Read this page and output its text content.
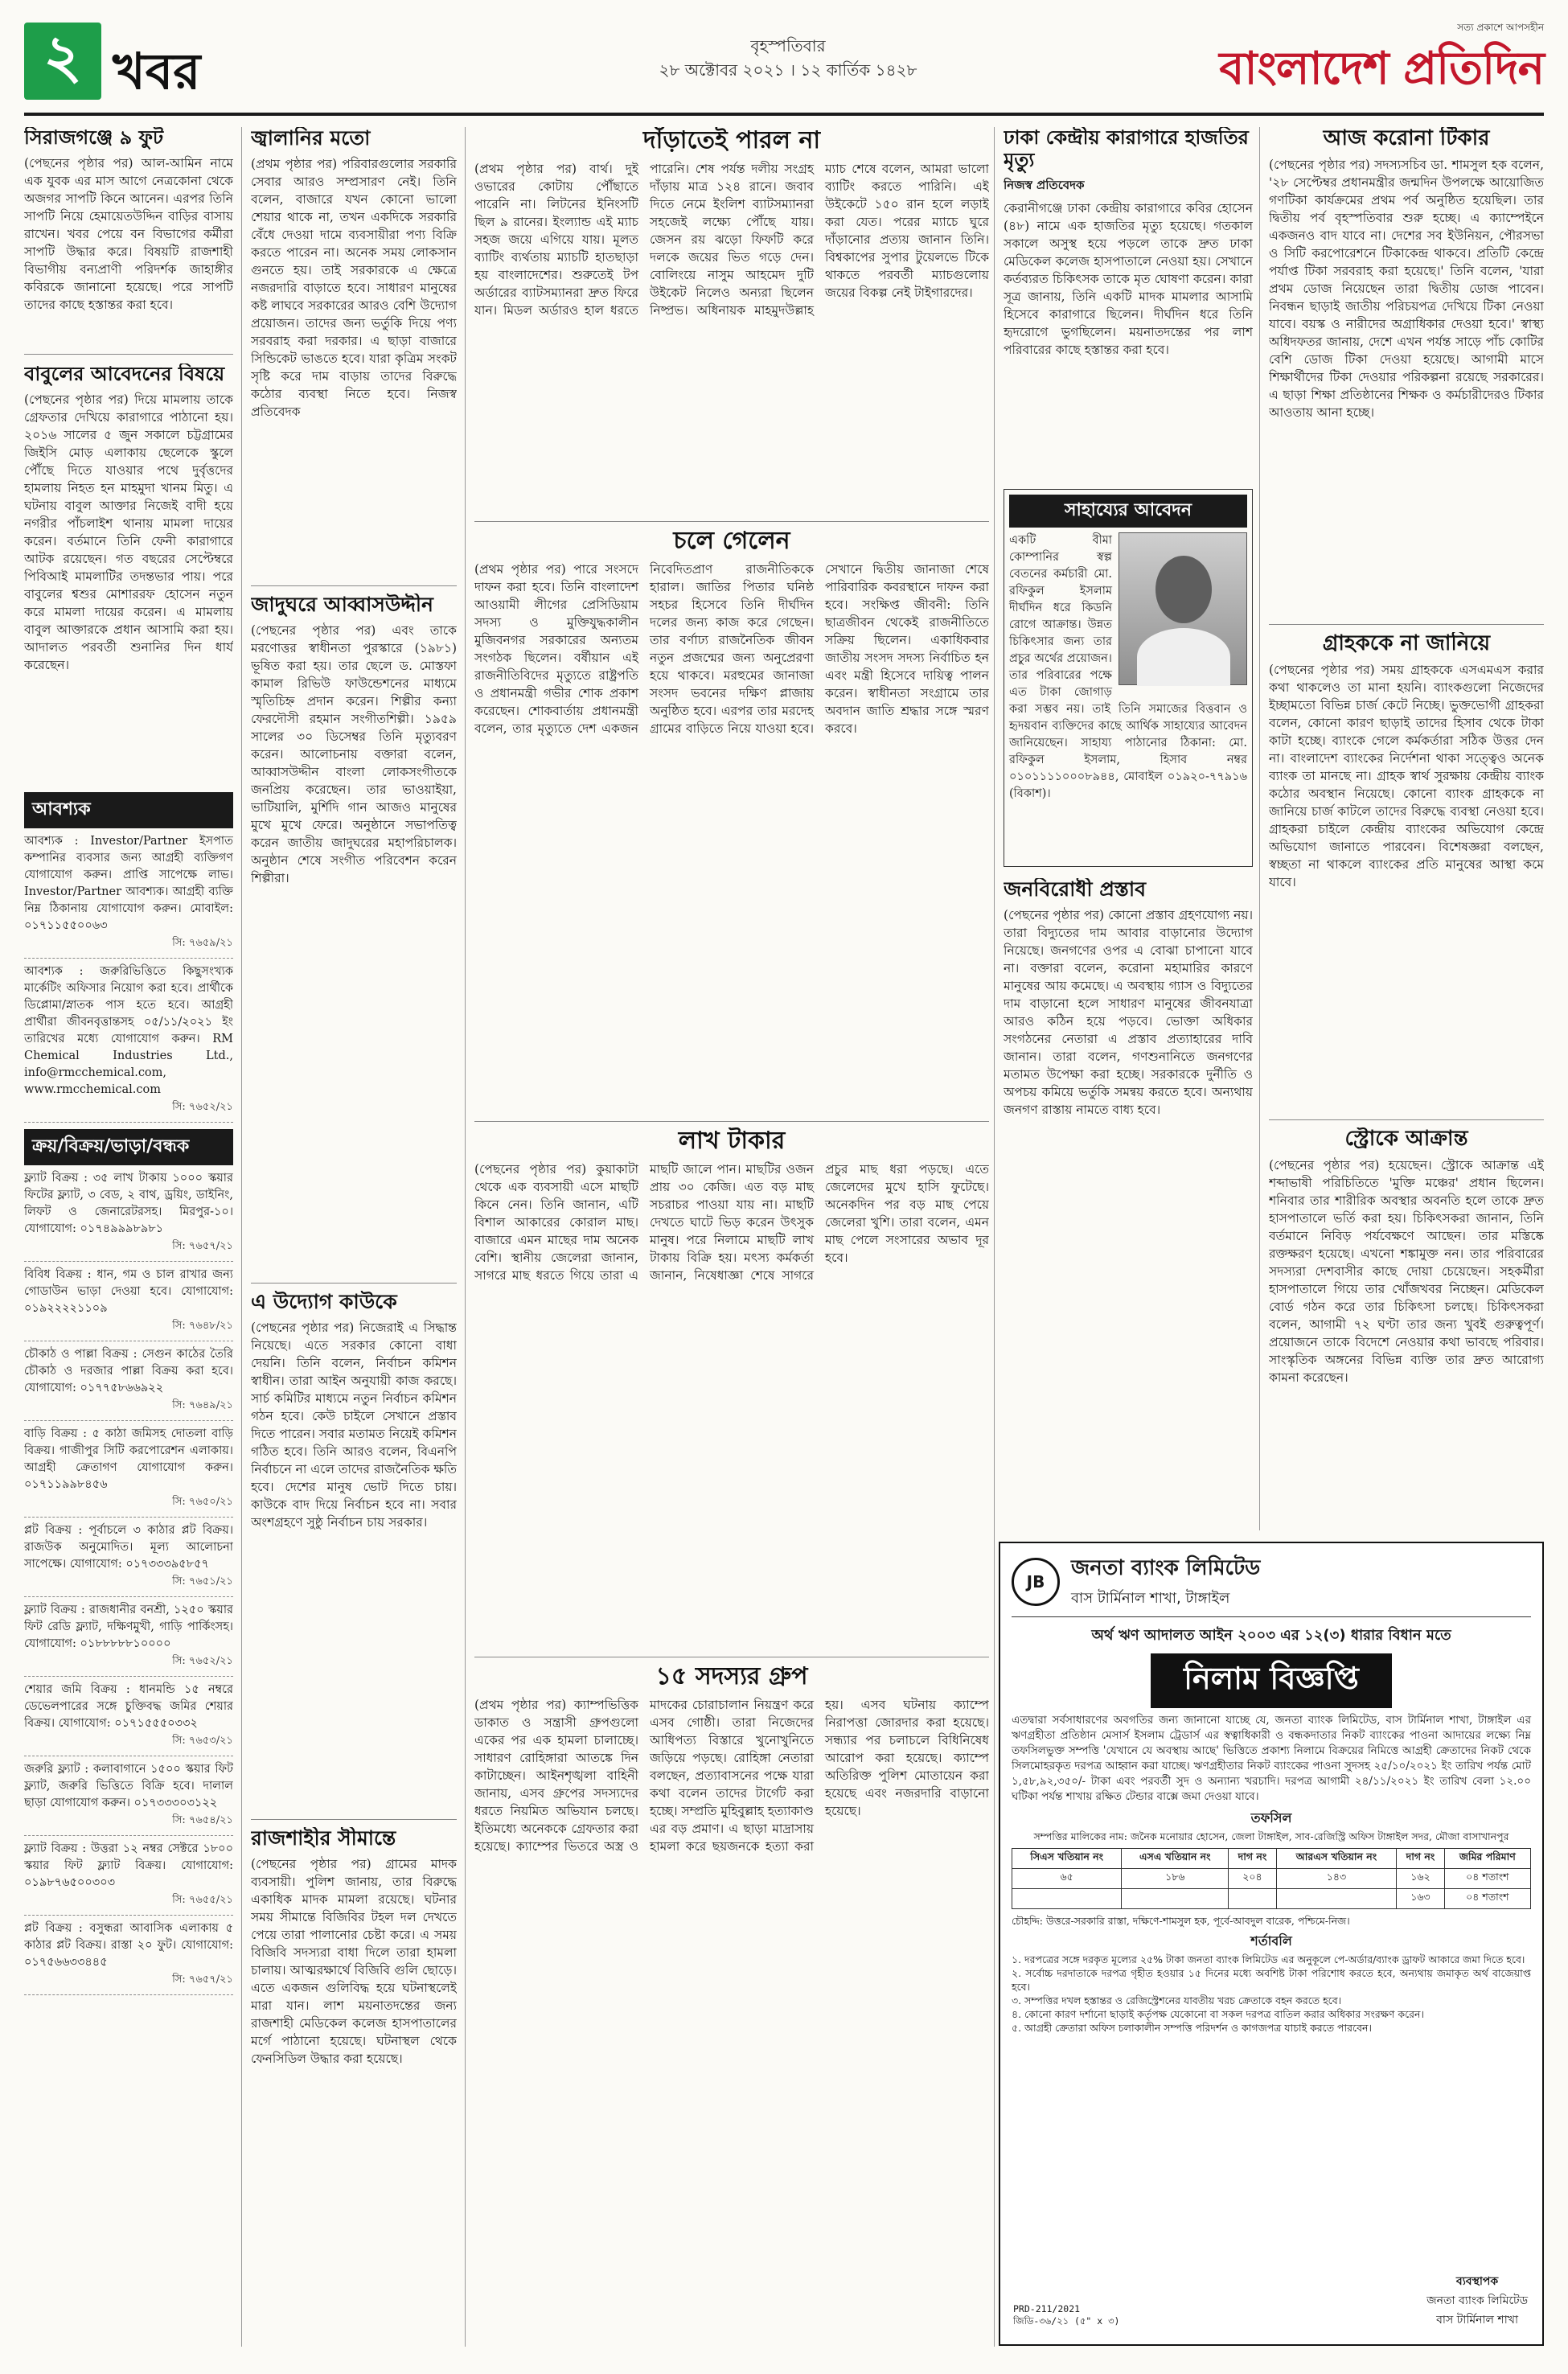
২ খবর	বৃহস্পতিবার
২৮ অক্টোবর ২০২১ । ১২ কার্তিক ১৪২৮
সত্য প্রকাশে আপসহীন
বাংলাদেশ প্রতিদিন
সিরাজগঞ্জে ৯ ফুট
(পেছনের পৃষ্ঠার পর) আল-আমিন নামে এক যুবক এর মাস আগে নেত্রকোনা থেকে অজগর সাপটি কিনে আনেন। এরপর তিনি সাপটি নিয়ে হেমায়েতউদ্দিন বাড়ির বাসায় রাখেন। খবর পেয়ে বন বিভাগের কর্মীরা সাপটি উদ্ধার করে। বিষয়টি রাজশাহী বিভাগীয় বন্যপ্রাণী পরিদর্শক জাহাঙ্গীর কবিরকে জানানো হয়েছে। পরে সাপটি তাদের কাছে হস্তান্তর করা হবে।
বাবুলের আবেদনের বিষয়ে
(পেছনের পৃষ্ঠার পর) দিয়ে মামলায় তাকে গ্রেফতার দেখিয়ে কারাগারে পাঠানো হয়। ২০১৬ সালের ৫ জুন সকালে চট্টগ্রামের জিইসি মোড় এলাকায় ছেলেকে স্কুলে পৌঁছে দিতে যাওয়ার পথে দুর্বৃত্তদের হামলায় নিহত হন মাহমুদা খানম মিতু। এ ঘটনায় বাবুল আক্তার নিজেই বাদী হয়ে নগরীর পাঁচলাইশ থানায় মামলা দায়ের করেন। বর্তমানে তিনি ফেনী কারাগারে আটক রয়েছেন। গত বছরের সেপ্টেম্বরে পিবিআই মামলাটির তদন্তভার পায়। পরে বাবুলের শ্বশুর মোশাররফ হোসেন নতুন করে মামলা দায়ের করেন। এ মামলায় বাবুল আক্তারকে প্রধান আসামি করা হয়। আদালত পরবর্তী শুনানির দিন ধার্য করেছেন।
আবশ্যক
আবশ্যক : Investor/Partner ইসপাত কম্পানির ব্যবসার জন্য আগ্রহী ব্যক্তিগণ যোগাযোগ করুন। প্রাপ্তি সাপেক্ষে লাভ। Investor/Partner আবশ্যক। আগ্রহী ব্যক্তি নিম্ন ঠিকানায় যোগাযোগ করুন। মোবাইল: ০১৭১১৫৫০০৬৩
সি: ৭৬৫৯/২১
আবশ্যক : জরুরিভিত্তিতে কিছুসংখ্যক মার্কেটিং অফিসার নিয়োগ করা হবে। প্রার্থীকে ডিপ্লোমা/স্নাতক পাস হতে হবে। আগ্রহী প্রার্থীরা জীবনবৃত্তান্তসহ ০৫/১১/২০২১ ইং তারিখের মধ্যে যোগাযোগ করুন। RM Chemical Industries Ltd., info@rmcchemical.com, www.rmcchemical.com
সি: ৭৬৫২/২১
ক্রয়/বিক্রয়/ভাড়া/বন্ধক
ফ্ল্যাট বিক্রয় : ৩৫ লাখ টাকায় ১০০০ স্কয়ার ফিটের ফ্ল্যাট, ৩ বেড, ২ বাথ, ড্রয়িং, ডাইনিং, লিফট ও জেনারেটরসহ। মিরপুর-১০। যোগাযোগ: ০১৭৪৯৯৯৮৯৮১
সি: ৭৬৫৭/২১
বিবিধ বিক্রয় : ধান, গম ও চাল রাখার জন্য গোডাউন ভাড়া দেওয়া হবে। যোগাযোগ: ০১৯২২২২১১০৯
সি: ৭৬৪৮/২১
চৌকাঠ ও পাল্লা বিক্রয় : সেগুন কাঠের তৈরি চৌকাঠ ও দরজার পাল্লা বিক্রয় করা হবে। যোগাযোগ: ০১৭৭৫৮৬৬৯২২
সি: ৭৬৪৯/২১
বাড়ি বিক্রয় : ৫ কাঠা জমিসহ দোতলা বাড়ি বিক্রয়। গাজীপুর সিটি করপোরেশন এলাকায়। আগ্রহী ক্রেতাগণ যোগাযোগ করুন। ০১৭১১৯৯৮৪৫৬
সি: ৭৬৫০/২১
প্লট বিক্রয় : পূর্বাচলে ৩ কাঠার প্লট বিক্রয়। রাজউক অনুমোদিত। মূল্য আলোচনা সাপেক্ষে। যোগাযোগ: ০১৭৩৩৩৯৫৮৫৭
সি: ৭৬৫১/২১
ফ্ল্যাট বিক্রয় : রাজধানীর বনশ্রী, ১২৫০ স্কয়ার ফিট রেডি ফ্ল্যাট, দক্ষিণমুখী, গাড়ি পার্কিংসহ। যোগাযোগ: ০১৮৮৮৮৮১০০০০
সি: ৭৬৫২/২১
শেয়ার জমি বিক্রয় : ধানমন্ডি ১৫ নম্বরে ডেভেলপারের সঙ্গে চুক্তিবদ্ধ জমির শেয়ার বিক্রয়। যোগাযোগ: ০১৭১৫৫৫০৩৩২
সি: ৭৬৫৩/২১
জরুরি ফ্ল্যাট : কলাবাগানে ১৫০০ স্কয়ার ফিট ফ্ল্যাট, জরুরি ভিত্তিতে বিক্রি হবে। দালাল ছাড়া যোগাযোগ করুন। ০১৭৩৩৩০৩১২২
সি: ৭৬৫৪/২১
ফ্ল্যাট বিক্রয় : উত্তরা ১২ নম্বর সেক্টরে ১৮০০ স্কয়ার ফিট ফ্ল্যাট বিক্রয়। যোগাযোগ: ০১৯৮৭৬৫০০৩০৩
সি: ৭৬৫৫/২১
প্লট বিক্রয় : বসুন্ধরা আবাসিক এলাকায় ৫ কাঠার প্লট বিক্রয়। রাস্তা ২০ ফুট। যোগাযোগ: ০১৭৫৬৬৩৩৪৪৫
সি: ৭৬৫৭/২১
জ্বালানির মতো
(প্রথম পৃষ্ঠার পর) পরিবারগুলোর সরকারি সেবার আরও সম্প্রসারণ নেই। তিনি বলেন, বাজারে যখন কোনো ভালো শেয়ার থাকে না, তখন একদিকে সরকারি বেঁধে দেওয়া দামে ব্যবসায়ীরা পণ্য বিক্রি করতে পারেন না। অনেক সময় লোকসান গুনতে হয়। তাই সরকারকে এ ক্ষেত্রে নজরদারি বাড়াতে হবে। সাধারণ মানুষের কষ্ট লাঘবে সরকারের আরও বেশি উদ্যোগ প্রয়োজন। তাদের জন্য ভর্তুকি দিয়ে পণ্য সরবরাহ করা দরকার। এ ছাড়া বাজারে সিন্ডিকেট ভাঙতে হবে। যারা কৃত্রিম সংকট সৃষ্টি করে দাম বাড়ায় তাদের বিরুদ্ধে কঠোর ব্যবস্থা নিতে হবে। নিজস্ব প্রতিবেদক
জাদুঘরে আব্বাসউদ্দীন
(পেছনের পৃষ্ঠার পর) এবং তাকে মরণোত্তর স্বাধীনতা পুরস্কারে (১৯৮১) ভূষিত করা হয়। তার ছেলে ড. মোস্তফা কামাল রিভিউ ফাউন্ডেশনের মাধ্যমে স্মৃতিচিহ্ন প্রদান করেন। শিল্পীর কন্যা ফেরদৌসী রহমান সংগীতশিল্পী। ১৯৫৯ সালের ৩০ ডিসেম্বর তিনি মৃত্যুবরণ করেন। আলোচনায় বক্তারা বলেন, আব্বাসউদ্দীন বাংলা লোকসংগীতকে জনপ্রিয় করেছেন। তার ভাওয়াইয়া, ভাটিয়ালি, মুর্শিদি গান আজও মানুষের মুখে মুখে ফেরে। অনুষ্ঠানে সভাপতিত্ব করেন জাতীয় জাদুঘরের মহাপরিচালক। অনুষ্ঠান শেষে সংগীত পরিবেশন করেন শিল্পীরা।
এ উদ্যোগ কাউকে
(পেছনের পৃষ্ঠার পর) নিজেরাই এ সিদ্ধান্ত নিয়েছে। এতে সরকার কোনো বাধা দেয়নি। তিনি বলেন, নির্বাচন কমিশন স্বাধীন। তারা আইন অনুযায়ী কাজ করছে। সার্চ কমিটির মাধ্যমে নতুন নির্বাচন কমিশন গঠন হবে। কেউ চাইলে সেখানে প্রস্তাব দিতে পারেন। সবার মতামত নিয়েই কমিশন গঠিত হবে। তিনি আরও বলেন, বিএনপি নির্বাচনে না এলে তাদের রাজনৈতিক ক্ষতি হবে। দেশের মানুষ ভোট দিতে চায়। কাউকে বাদ দিয়ে নির্বাচন হবে না। সবার অংশগ্রহণে সুষ্ঠু নির্বাচন চায় সরকার।
রাজশাহীর সীমান্তে
(পেছনের পৃষ্ঠার পর) গ্রামের মাদক ব্যবসায়ী। পুলিশ জানায়, তার বিরুদ্ধে একাধিক মাদক মামলা রয়েছে। ঘটনার সময় সীমান্তে বিজিবির টহল দল দেখতে পেয়ে তারা পালানোর চেষ্টা করে। এ সময় বিজিবি সদস্যরা বাধা দিলে তারা হামলা চালায়। আত্মরক্ষার্থে বিজিবি গুলি ছোড়ে। এতে একজন গুলিবিদ্ধ হয়ে ঘটনাস্থলেই মারা যান। লাশ ময়নাতদন্তের জন্য রাজশাহী মেডিকেল কলেজ হাসপাতালের মর্গে পাঠানো হয়েছে। ঘটনাস্থল থেকে ফেনসিডিল উদ্ধার করা হয়েছে।
দাঁড়াতেই পারল না
(প্রথম পৃষ্ঠার পর) বার্থ। দুই ওভারের কোটায় পৌঁছাতে পারেনি না। লিটনের ইনিংসটি ছিল ৯ রানের। ইংল্যান্ড এই ম্যাচ সহজ জয়ে এগিয়ে যায়। মূলত ব্যাটিং ব্যর্থতায় ম্যাচটি হাতছাড়া হয় বাংলাদেশের। শুরুতেই টপ অর্ডারের ব্যাটসম্যানরা দ্রুত ফিরে যান। মিডল অর্ডারও হাল ধরতে পারেনি। শেষ পর্যন্ত দলীয় সংগ্রহ দাঁড়ায় মাত্র ১২৪ রানে। জবাব দিতে নেমে ইংলিশ ব্যাটসম্যানরা সহজেই লক্ষ্যে পৌঁছে যায়। জেসন রয় ঝড়ো ফিফটি করে দলকে জয়ের ভিত গড়ে দেন। বোলিংয়ে নাসুম আহমেদ দুটি উইকেট নিলেও অন্যরা ছিলেন নিষ্প্রভ। অধিনায়ক মাহমুদউল্লাহ ম্যাচ শেষে বলেন, আমরা ভালো ব্যাটিং করতে পারিনি। এই উইকেটে ১৫০ রান হলে লড়াই করা যেত। পরের ম্যাচে ঘুরে দাঁড়ানোর প্রত্যয় জানান তিনি। বিশ্বকাপের সুপার টুয়েলভে টিকে থাকতে পরবর্তী ম্যাচগুলোয় জয়ের বিকল্প নেই টাইগারদের।
চলে গেলেন
(প্রথম পৃষ্ঠার পর) পারে সংসদে দাফন করা হবে। তিনি বাংলাদেশ আওয়ামী লীগের প্রেসিডিয়াম সদস্য ও মুক্তিযুদ্ধকালীন মুজিবনগর সরকারের অন্যতম সংগঠক ছিলেন। বর্ষীয়ান এই রাজনীতিবিদের মৃত্যুতে রাষ্ট্রপতি ও প্রধানমন্ত্রী গভীর শোক প্রকাশ করেছেন। শোকবার্তায় প্রধানমন্ত্রী বলেন, তার মৃত্যুতে দেশ একজন নিবেদিতপ্রাণ রাজনীতিককে হারাল। জাতির পিতার ঘনিষ্ঠ সহচর হিসেবে তিনি দীর্ঘদিন দলের জন্য কাজ করে গেছেন। তার বর্ণাঢ্য রাজনৈতিক জীবন নতুন প্রজন্মের জন্য অনুপ্রেরণা হয়ে থাকবে। মরহুমের জানাজা সংসদ ভবনের দক্ষিণ প্লাজায় অনুষ্ঠিত হবে। এরপর তার মরদেহ গ্রামের বাড়িতে নিয়ে যাওয়া হবে। সেখানে দ্বিতীয় জানাজা শেষে পারিবারিক কবরস্থানে দাফন করা হবে। সংক্ষিপ্ত জীবনী: তিনি ছাত্রজীবন থেকেই রাজনীতিতে সক্রিয় ছিলেন। একাধিকবার জাতীয় সংসদ সদস্য নির্বাচিত হন এবং মন্ত্রী হিসেবে দায়িত্ব পালন করেন। স্বাধীনতা সংগ্রামে তার অবদান জাতি শ্রদ্ধার সঙ্গে স্মরণ করবে।
লাখ টাকার
(পেছনের পৃষ্ঠার পর) কুয়াকাটা থেকে এক ব্যবসায়ী এসে মাছটি কিনে নেন। তিনি জানান, এটি বিশাল আকারের কোরাল মাছ। বাজারে এমন মাছের দাম অনেক বেশি। স্থানীয় জেলেরা জানান, সাগরে মাছ ধরতে গিয়ে তারা এ মাছটি জালে পান। মাছটির ওজন প্রায় ৩০ কেজি। এত বড় মাছ সচরাচর পাওয়া যায় না। মাছটি দেখতে ঘাটে ভিড় করেন উৎসুক মানুষ। পরে নিলামে মাছটি লাখ টাকায় বিক্রি হয়। মৎস্য কর্মকর্তা জানান, নিষেধাজ্ঞা শেষে সাগরে প্রচুর মাছ ধরা পড়ছে। এতে জেলেদের মুখে হাসি ফুটেছে। অনেকদিন পর বড় মাছ পেয়ে জেলেরা খুশি। তারা বলেন, এমন মাছ পেলে সংসারের অভাব দূর হবে।
১৫ সদস্যর গ্রুপ
(প্রথম পৃষ্ঠার পর) ক্যাম্পভিত্তিক ডাকাত ও সন্ত্রাসী গ্রুপগুলো একের পর এক হামলা চালাচ্ছে। সাধারণ রোহিঙ্গারা আতঙ্কে দিন কাটাচ্ছেন। আইনশৃঙ্খলা বাহিনী জানায়, এসব গ্রুপের সদস্যদের ধরতে নিয়মিত অভিযান চলছে। ইতিমধ্যে অনেককে গ্রেফতার করা হয়েছে। ক্যাম্পের ভিতরে অস্ত্র ও মাদকের চোরাচালান নিয়ন্ত্রণ করে এসব গোষ্ঠী। তারা নিজেদের আধিপত্য বিস্তারে খুনোখুনিতে জড়িয়ে পড়ছে। রোহিঙ্গা নেতারা বলছেন, প্রত্যাবাসনের পক্ষে যারা কথা বলেন তাদের টার্গেট করা হচ্ছে। সম্প্রতি মুহিবুল্লাহ হত্যাকাণ্ড এর বড় প্রমাণ। এ ছাড়া মাদ্রাসায় হামলা করে ছয়জনকে হত্যা করা হয়। এসব ঘটনায় ক্যাম্পে নিরাপত্তা জোরদার করা হয়েছে। সন্ধ্যার পর চলাচলে বিধিনিষেধ আরোপ করা হয়েছে। ক্যাম্পে অতিরিক্ত পুলিশ মোতায়েন করা হয়েছে এবং নজরদারি বাড়ানো হয়েছে।
ঢাকা কেন্দ্রীয় কারাগারে হাজতির মৃত্যু
নিজস্ব প্রতিবেদক
কেরানীগঞ্জে ঢাকা কেন্দ্রীয় কারাগারে কবির হোসেন (৪৮) নামে এক হাজতির মৃত্যু হয়েছে। গতকাল সকালে অসুস্থ হয়ে পড়লে তাকে দ্রুত ঢাকা মেডিকেল কলেজ হাসপাতালে নেওয়া হয়। সেখানে কর্তব্যরত চিকিৎসক তাকে মৃত ঘোষণা করেন। কারা সূত্র জানায়, তিনি একটি মাদক মামলার আসামি হিসেবে কারাগারে ছিলেন। দীর্ঘদিন ধরে তিনি হৃদরোগে ভুগছিলেন। ময়নাতদন্তের পর লাশ পরিবারের কাছে হস্তান্তর করা হবে।
সাহায্যের আবেদন
একটি বীমা কোম্পানির স্বল্প বেতনের কর্মচারী মো. রফিকুল ইসলাম দীর্ঘদিন ধরে কিডনি রোগে আক্রান্ত। উন্নত চিকিৎসার জন্য তার প্রচুর অর্থের প্রয়োজন। তার পরিবারের পক্ষে এত টাকা জোগাড় করা সম্ভব নয়। তাই তিনি সমাজের বিত্তবান ও হৃদয়বান ব্যক্তিদের কাছে আর্থিক সাহায্যের আবেদন জানিয়েছেন। সাহায্য পাঠানোর ঠিকানা: মো. রফিকুল ইসলাম, হিসাব নম্বর ০১০১১১১০০০৮৯৪৪, মোবাইল ০১৯২০-৭৭৯১৬ (বিকাশ)।
জনবিরোধী প্রস্তাব
(পেছনের পৃষ্ঠার পর) কোনো প্রস্তাব গ্রহণযোগ্য নয়। তারা বিদ্যুতের দাম আবার বাড়ানোর উদ্যোগ নিয়েছে। জনগণের ওপর এ বোঝা চাপানো যাবে না। বক্তারা বলেন, করোনা মহামারির কারণে মানুষের আয় কমেছে। এ অবস্থায় গ্যাস ও বিদ্যুতের দাম বাড়ানো হলে সাধারণ মানুষের জীবনযাত্রা আরও কঠিন হয়ে পড়বে। ভোক্তা অধিকার সংগঠনের নেতারা এ প্রস্তাব প্রত্যাহারের দাবি জানান। তারা বলেন, গণশুনানিতে জনগণের মতামত উপেক্ষা করা হচ্ছে। সরকারকে দুর্নীতি ও অপচয় কমিয়ে ভর্তুকি সমন্বয় করতে হবে। অন্যথায় জনগণ রাস্তায় নামতে বাধ্য হবে।
আজ করোনা টিকার
(পেছনের পৃষ্ঠার পর) সদস্যসচিব ডা. শামসুল হক বলেন, '২৮ সেপ্টেম্বর প্রধানমন্ত্রীর জন্মদিন উপলক্ষে আয়োজিত গণটিকা কার্যক্রমের প্রথম পর্ব অনুষ্ঠিত হয়েছিল। তার দ্বিতীয় পর্ব বৃহস্পতিবার শুরু হচ্ছে। এ ক্যাম্পেইনে একজনও বাদ যাবে না। দেশের সব ইউনিয়ন, পৌরসভা ও সিটি করপোরেশনে টিকাকেন্দ্র থাকবে। প্রতিটি কেন্দ্রে পর্যাপ্ত টিকা সরবরাহ করা হয়েছে।' তিনি বলেন, 'যারা প্রথম ডোজ নিয়েছেন তারা দ্বিতীয় ডোজ পাবেন। নিবন্ধন ছাড়াই জাতীয় পরিচয়পত্র দেখিয়ে টিকা নেওয়া যাবে। বয়স্ক ও নারীদের অগ্রাধিকার দেওয়া হবে।' স্বাস্থ্য অধিদফতর জানায়, দেশে এখন পর্যন্ত সাড়ে পাঁচ কোটির বেশি ডোজ টিকা দেওয়া হয়েছে। আগামী মাসে শিক্ষার্থীদের টিকা দেওয়ার পরিকল্পনা রয়েছে সরকারের। এ ছাড়া শিক্ষা প্রতিষ্ঠানের শিক্ষক ও কর্মচারীদেরও টিকার আওতায় আনা হচ্ছে।
গ্রাহককে না জানিয়ে
(পেছনের পৃষ্ঠার পর) সময় গ্রাহককে এসএমএস করার কথা থাকলেও তা মানা হয়নি। ব্যাংকগুলো নিজেদের ইচ্ছামতো বিভিন্ন চার্জ কেটে নিচ্ছে। ভুক্তভোগী গ্রাহকরা বলেন, কোনো কারণ ছাড়াই তাদের হিসাব থেকে টাকা কাটা হচ্ছে। ব্যাংকে গেলে কর্মকর্তারা সঠিক উত্তর দেন না। বাংলাদেশ ব্যাংকের নির্দেশনা থাকা সত্ত্বেও অনেক ব্যাংক তা মানছে না। গ্রাহক স্বার্থ সুরক্ষায় কেন্দ্রীয় ব্যাংক কঠোর অবস্থান নিয়েছে। কোনো ব্যাংক গ্রাহককে না জানিয়ে চার্জ কাটলে তাদের বিরুদ্ধে ব্যবস্থা নেওয়া হবে। গ্রাহকরা চাইলে কেন্দ্রীয় ব্যাংকের অভিযোগ কেন্দ্রে অভিযোগ জানাতে পারবেন। বিশেষজ্ঞরা বলছেন, স্বচ্ছতা না থাকলে ব্যাংকের প্রতি মানুষের আস্থা কমে যাবে।
স্ট্রোকে আক্রান্ত
(পেছনের পৃষ্ঠার পর) হয়েছেন। স্ট্রোকে আক্রান্ত এই শব্দাভাষী পরিচিতিতে 'মুক্তি মঞ্চের' প্রধান ছিলেন। শনিবার তার শারীরিক অবস্থার অবনতি হলে তাকে দ্রুত হাসপাতালে ভর্তি করা হয়। চিকিৎসকরা জানান, তিনি বর্তমানে নিবিড় পর্যবেক্ষণে আছেন। তার মস্তিষ্কে রক্তক্ষরণ হয়েছে। এখনো শঙ্কামুক্ত নন। তার পরিবারের সদস্যরা দেশবাসীর কাছে দোয়া চেয়েছেন। সহকর্মীরা হাসপাতালে গিয়ে তার খোঁজখবর নিচ্ছেন। মেডিকেল বোর্ড গঠন করে তার চিকিৎসা চলছে। চিকিৎসকরা বলেন, আগামী ৭২ ঘণ্টা তার জন্য খুবই গুরুত্বপূর্ণ। প্রয়োজনে তাকে বিদেশে নেওয়ার কথা ভাবছে পরিবার। সাংস্কৃতিক অঙ্গনের বিভিন্ন ব্যক্তি তার দ্রুত আরোগ্য কামনা করেছেন।
JB
জনতা ব্যাংক লিমিটেড
বাস টার্মিনাল শাখা, টাঙ্গাইল
অর্থ ঋণ আদালত আইন ২০০৩ এর ১২(৩) ধারার বিধান মতে
নিলাম বিজ্ঞপ্তি
এতদ্বারা সর্বসাধারণের অবগতির জন্য জানানো যাচ্ছে যে, জনতা ব্যাংক লিমিটেড, বাস টার্মিনাল শাখা, টাঙ্গাইল এর ঋণগ্রহীতা প্রতিষ্ঠান মেসার্স ইসলাম ট্রেডার্স এর স্বত্বাধিকারী ও বন্ধকদাতার নিকট ব্যাংকের পাওনা আদায়ের লক্ষ্যে নিম্ন তফসিলভুক্ত সম্পত্তি 'যেখানে যে অবস্থায় আছে' ভিত্তিতে প্রকাশ্য নিলামে বিক্রয়ের নিমিত্তে আগ্রহী ক্রেতাদের নিকট থেকে সিলমোহরকৃত দরপত্র আহ্বান করা যাচ্ছে। ঋণগ্রহীতার নিকট ব্যাংকের পাওনা সুদসহ ২৫/১০/২০২১ ইং তারিখ পর্যন্ত মোট ১,৫৮,৯২,৩৫০/- টাকা এবং পরবর্তী সুদ ও অন্যান্য খরচাদি। দরপত্র আগামী ২৪/১১/২০২১ ইং তারিখ বেলা ১২.০০ ঘটিকা পর্যন্ত শাখায় রক্ষিত টেন্ডার বাক্সে জমা দেওয়া যাবে।
তফসিল
সম্পত্তির মালিকের নাম: জনৈক মনোয়ার হোসেন, জেলা টাঙ্গাইল, সাব-রেজিস্ট্রি অফিস টাঙ্গাইল সদর, মৌজা বাসাখানপুর
সিএস খতিয়ান নং	এসএ খতিয়ান নং	দাগ নং	আরএস খতিয়ান নং	দাগ নং	জমির পরিমাণ
৬৫	১৮৬	২০৪	১৪৩	১৬২	০৪ শতাংশ
				১৬৩	০৪ শতাংশ
চৌহদ্দি: উত্তরে-সরকারি রাস্তা, দক্ষিণে-শামসুল হক, পূর্বে-আবদুল বারেক, পশ্চিমে-নিজ।
শর্তাবলি
১. দরপত্রের সঙ্গে দরকৃত মূল্যের ২৫% টাকা জনতা ব্যাংক লিমিটেড এর অনুকূলে পে-অর্ডার/ব্যাংক ড্রাফট আকারে জমা দিতে হবে।
২. সর্বোচ্চ দরদাতাকে দরপত্র গৃহীত হওয়ার ১৫ দিনের মধ্যে অবশিষ্ট টাকা পরিশোধ করতে হবে, অন্যথায় জমাকৃত অর্থ বাজেয়াপ্ত হবে।
৩. সম্পত্তির দখল হস্তান্তর ও রেজিস্ট্রেশনের যাবতীয় খরচ ক্রেতাকে বহন করতে হবে।
৪. কোনো কারণ দর্শানো ছাড়াই কর্তৃপক্ষ যেকোনো বা সকল দরপত্র বাতিল করার অধিকার সংরক্ষণ করেন।
৫. আগ্রহী ক্রেতারা অফিস চলাকালীন সম্পত্তি পরিদর্শন ও কাগজপত্র যাচাই করতে পারবেন।
PRD-211/2021
জিডি-৩৬/২১ (৫" x ৩)
ব্যবস্থাপক
জনতা ব্যাংক লিমিটেড
বাস টার্মিনাল শাখা
